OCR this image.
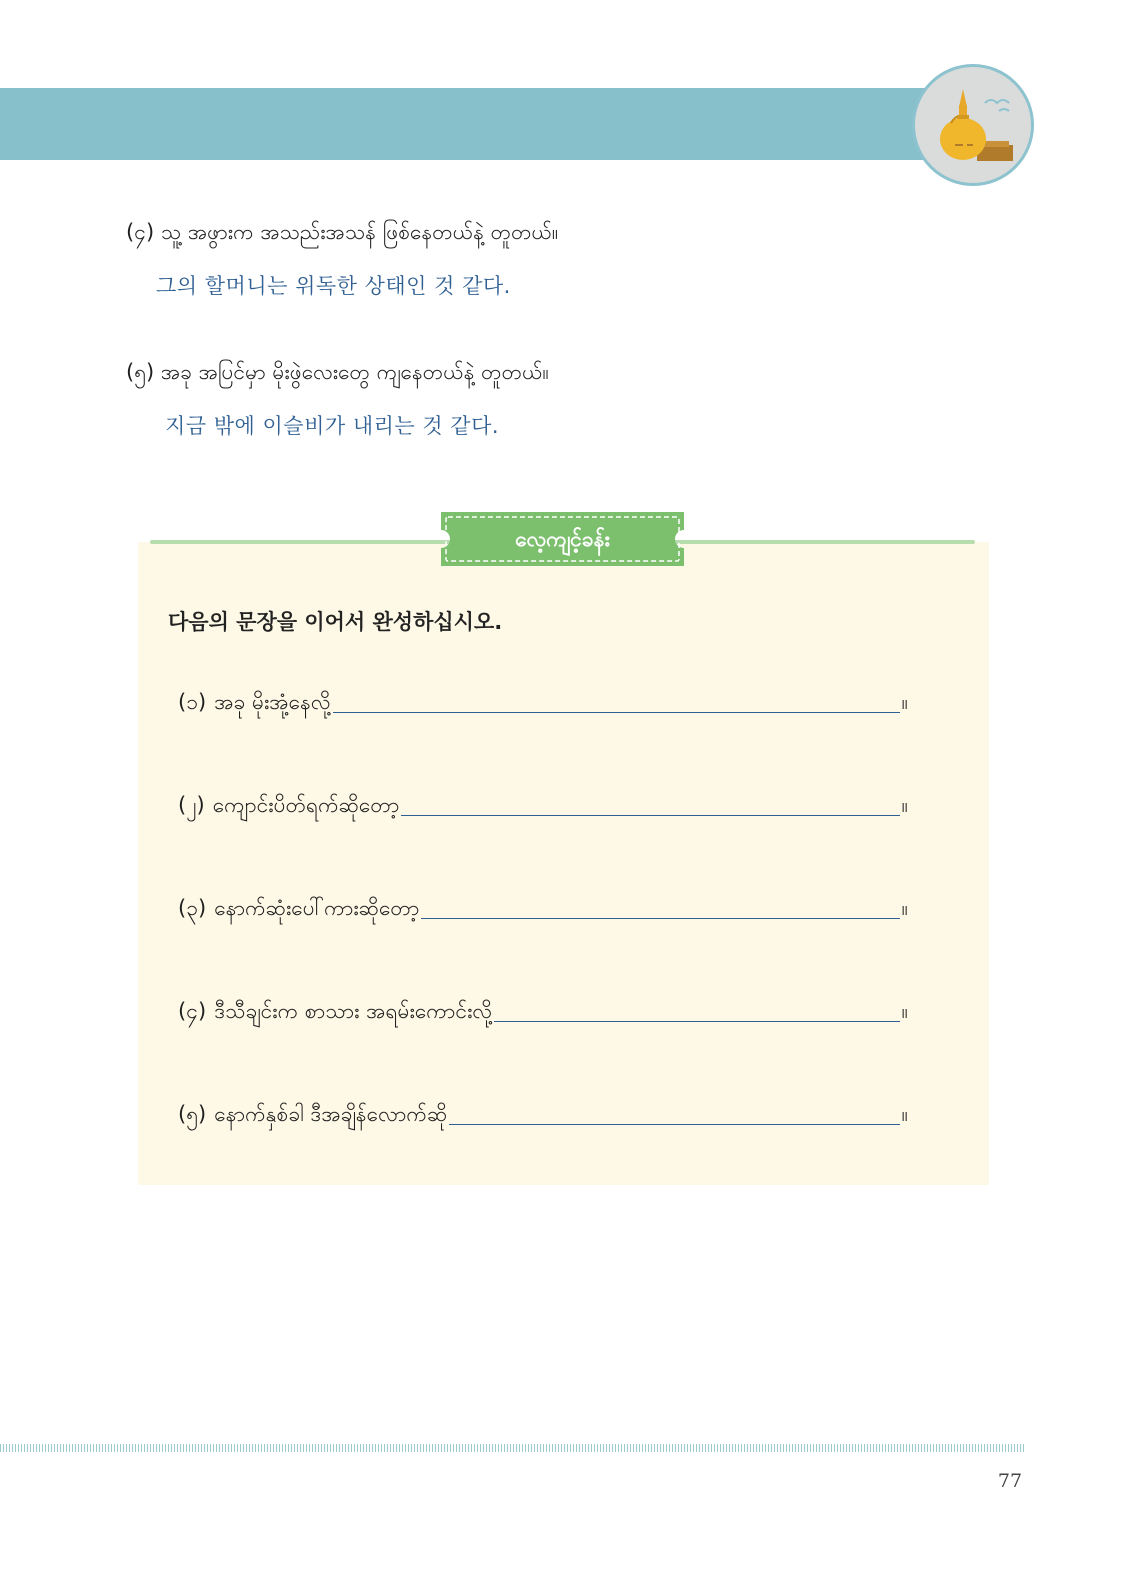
(၄) သူ့ အဖွားက အသည်းအသန် ဖြစ်နေတယ်နဲ့ တူတယ်။
그의 할머니는 위독한 상태인 것 같다.
(၅) အခု အပြင်မှာ မိုးဖွဲလေးတွေ ကျနေတယ်နဲ့ တူတယ်။
지금 밖에 이슬비가 내리는 것 같다.
လေ့ကျင့်ခန်း
다음의 문장을 이어서 완성하십시오.
(၁) အခု မိုးအုံ့နေလို့	။
(၂) ကျောင်းပိတ်ရက်ဆိုတော့	။
(၃) နောက်ဆုံးပေါ်ကားဆိုတော့	။
(၄) ဒီသီချင်းက စာသား အရမ်းကောင်းလို့	။
(၅) နောက်နှစ်ခါ ဒီအချိန်လောက်ဆို	။
77
